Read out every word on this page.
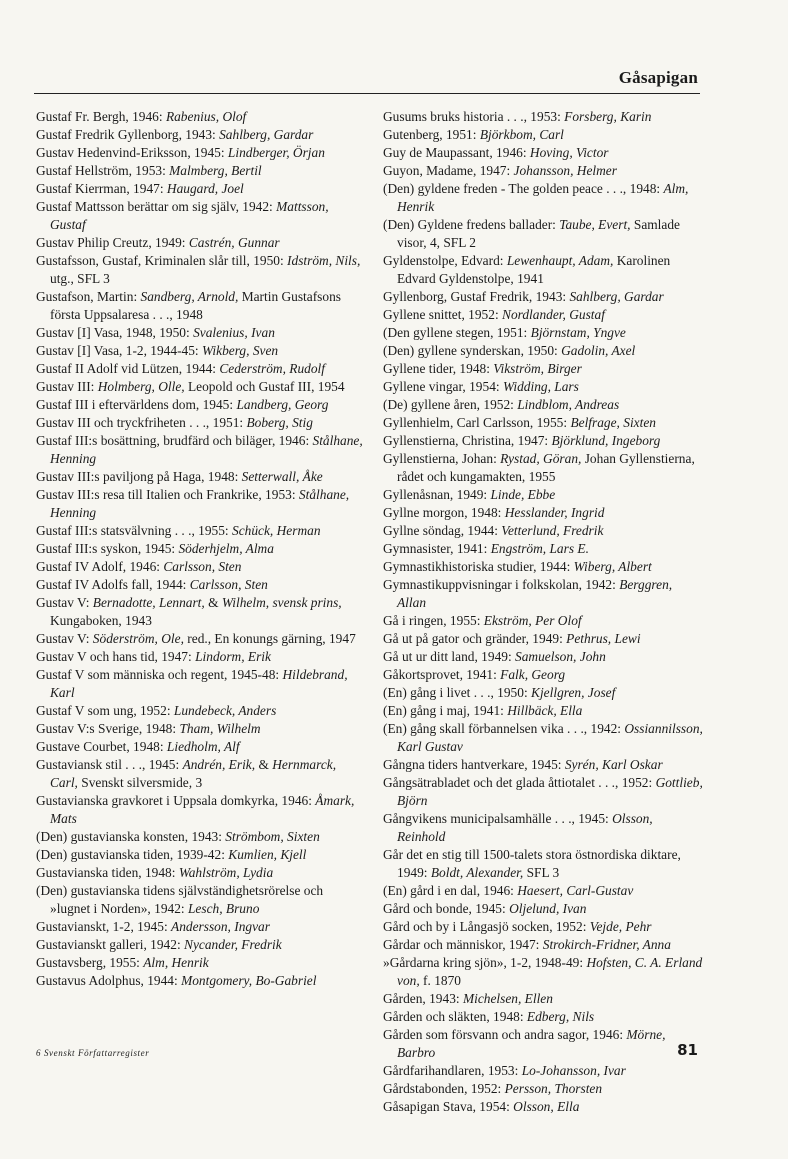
Gåsapigan

Gustaf Fr. Bergh, 1946: Rabenius, Olof

Gustaf Fredrik Gyllenborg, 1943: Sahlberg, Gardar

Gustav Hedenvind-Eriksson, 1945: Lindberger, Örjan

Gustaf Hellström, 1953: Malmberg, Bertil

Gustaf Kierrman, 1947: Haugard, Joel

Gustaf Mattsson berättar om sig själv, 1942: Mattsson, Gustaf

Gustav Philip Creutz, 1949: Castrén, Gunnar

Gustafsson, Gustaf, Kriminalen slår till, 1950: Idström, Nils, utg., SFL 3

Gustafson, Martin: Sandberg, Arnold, Martin Gustafsons första Uppsalaresa . . ., 1948

Gustav [I] Vasa, 1948, 1950: Svalenius, Ivan

Gustav [I] Vasa, 1-2, 1944-45: Wikberg, Sven

Gustaf II Adolf vid Lützen, 1944: Cederström, Rudolf

Gustav III: Holmberg, Olle, Leopold och Gustaf III, 1954

Gustaf III i eftervärldens dom, 1945: Landberg, Georg

Gustav III och tryckfriheten . . ., 1951: Boberg, Stig

Gustaf III:s bosättning, brudfärd och biläger, 1946: Stålhane, Henning

Gustav III:s paviljong på Haga, 1948: Setterwall, Åke

Gustav III:s resa till Italien och Frankrike, 1953: Stålhane, Henning

Gustaf III:s statsvälvning . . ., 1955: Schück, Herman

Gustaf III:s syskon, 1945: Söderhjelm, Alma

Gustaf IV Adolf, 1946: Carlsson, Sten

Gustaf IV Adolfs fall, 1944: Carlsson, Sten

Gustav V: Bernadotte, Lennart, & Wilhelm, svensk prins, Kungaboken, 1943

Gustav V: Söderström, Ole, red., En konungs gärning, 1947

Gustav V och hans tid, 1947: Lindorm, Erik

Gustaf V som människa och regent, 1945-48: Hildebrand, Karl

Gustaf V som ung, 1952: Lundebeck, Anders

Gustav V:s Sverige, 1948: Tham, Wilhelm

Gustave Courbet, 1948: Liedholm, Alf

Gustaviansk stil . . ., 1945: Andrén, Erik, & Hernmarck, Carl, Svenskt silversmide, 3

Gustavianska gravkoret i Uppsala domkyrka, 1946: Åmark, Mats

(Den) gustavianska konsten, 1943: Strömbom, Sixten

(Den) gustavianska tiden, 1939-42: Kumlien, Kjell

Gustavianska tiden, 1948: Wahlström, Lydia

(Den) gustavianska tidens självständighetsrörelse och »lugnet i Norden», 1942: Lesch, Bruno

Gustavianskt, 1-2, 1945: Andersson, Ingvar

Gustavianskt galleri, 1942: Nycander, Fredrik

Gustavsberg, 1955: Alm, Henrik

Gustavus Adolphus, 1944: Montgomery, Bo-Gabriel

Gusums bruks historia . . ., 1953: Forsberg, Karin

Gutenberg, 1951: Björkbom, Carl

Guy de Maupassant, 1946: Hoving, Victor

Guyon, Madame, 1947: Johansson, Helmer

(Den) gyldene freden - The golden peace . . ., 1948: Alm, Henrik

(Den) Gyldene fredens ballader: Taube, Evert, Samlade visor, 4, SFL 2

Gyldenstolpe, Edvard: Lewenhaupt, Adam, Karolinen Edvard Gyldenstolpe, 1941

Gyllenborg, Gustaf Fredrik, 1943: Sahlberg, Gardar

Gyllene snittet, 1952: Nordlander, Gustaf

(Den gyllene stegen, 1951: Björnstam, Yngve

(Den) gyllene synderskan, 1950: Gadolin, Axel

Gyllene tider, 1948: Vikström, Birger

Gyllene vingar, 1954: Widding, Lars

(De) gyllene åren, 1952: Lindblom, Andreas

Gyllenhielm, Carl Carlsson, 1955: Belfrage, Sixten

Gyllenstierna, Christina, 1947: Björklund, Ingeborg

Gyllenstierna, Johan: Rystad, Göran, Johan Gyllenstierna, rådet och kungamakten, 1955

Gyllenåsnan, 1949: Linde, Ebbe

Gyllne morgon, 1948: Hesslander, Ingrid

Gyllne söndag, 1944: Vetterlund, Fredrik

Gymnasister, 1941: Engström, Lars E.

Gymnastikhistoriska studier, 1944: Wiberg, Albert

Gymnastikuppvisningar i folkskolan, 1942: Berggren, Allan

Gå i ringen, 1955: Ekström, Per Olof

Gå ut på gator och gränder, 1949: Pethrus, Lewi

Gå ut ur ditt land, 1949: Samuelson, John

Gåkortsprovet, 1941: Falk, Georg

(En) gång i livet . . ., 1950: Kjellgren, Josef

(En) gång i maj, 1941: Hillbäck, Ella

(En) gång skall förbannelsen vika . . ., 1942: Ossiannilsson, Karl Gustav

Gångna tiders hantverkare, 1945: Syrén, Karl Oskar

Gångsätrabladet och det glada åttiotalet . . ., 1952: Gottlieb, Björn

Gångvikens municipalsamhälle . . ., 1945: Olsson, Reinhold

Går det en stig till 1500-talets stora östnordiska diktare, 1949: Boldt, Alexander, SFL 3

(En) gård i en dal, 1946: Haesert, Carl-Gustav

Gård och bonde, 1945: Oljelund, Ivan

Gård och by i Långasjö socken, 1952: Vejde, Pehr

Gårdar och människor, 1947: Strokirch-Fridner, Anna

»Gårdarna kring sjön», 1-2, 1948-49: Hofsten, C. A. Erland von, f. 1870

Gården, 1943: Michelsen, Ellen

Gården och släkten, 1948: Edberg, Nils

Gården som försvann och andra sagor, 1946: Mörne, Barbro

Gårdfarihandlaren, 1953: Lo-Johansson, Ivar

Gårdstabonden, 1952: Persson, Thorsten

Gåsapigan Stava, 1954: Olsson, Ella

6 Svenskt Författarregister	81
